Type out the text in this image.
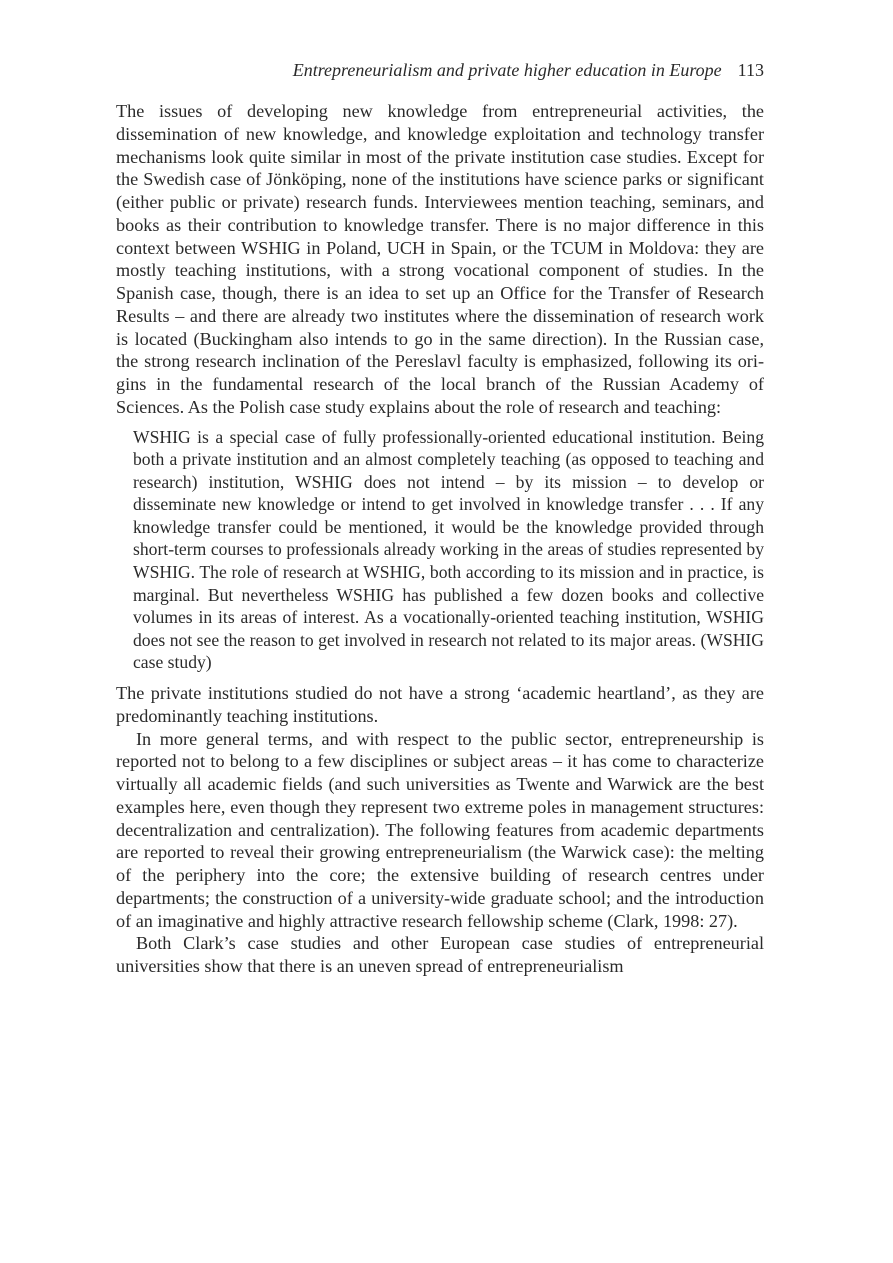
Entrepreneurialism and private higher education in Europe 113

The issues of developing new knowledge from entrepreneurial activities, the dissemination of new knowledge, and knowledge exploitation and technology transfer mechanisms look quite similar in most of the private institution case studies. Except for the Swedish case of Jönköping, none of the institutions have science parks or significant (either public or private) research funds. Interviewees mention teaching, seminars, and books as their contribution to knowledge transfer. There is no major difference in this context between WSHIG in Poland, UCH in Spain, or the TCUM in Moldova: they are mostly teaching institutions, with a strong vocational component of studies. In the Spanish case, though, there is an idea to set up an Office for the Transfer of Research Results – and there are already two institutes where the dissemination of research work is located (Buckingham also intends to go in the same direction). In the Russian case, the strong research inclination of the Pereslavl faculty is emphasized, following its origins in the fundamental research of the local branch of the Russian Academy of Sciences. As the Polish case study explains about the role of research and teaching:

WSHIG is a special case of fully professionally-oriented educational institution. Being both a private institution and an almost completely teaching (as opposed to teaching and research) institution, WSHIG does not intend – by its mission – to develop or disseminate new knowledge or intend to get involved in knowledge transfer . . . If any knowledge transfer could be mentioned, it would be the knowledge provided through short-term courses to professionals already working in the areas of studies represented by WSHIG. The role of research at WSHIG, both according to its mission and in practice, is marginal. But nevertheless WSHIG has published a few dozen books and collective volumes in its areas of interest. As a vocationally-oriented teaching institution, WSHIG does not see the reason to get involved in research not related to its major areas. (WSHIG case study)

The private institutions studied do not have a strong ‘academic heartland’, as they are predominantly teaching institutions.

In more general terms, and with respect to the public sector, entrepreneurship is reported not to belong to a few disciplines or subject areas – it has come to characterize virtually all academic fields (and such universities as Twente and Warwick are the best examples here, even though they represent two extreme poles in management structures: decentralization and centralization). The following features from academic departments are reported to reveal their growing entrepreneurialism (the Warwick case): the melting of the periphery into the core; the extensive building of research centres under departments; the construction of a university-wide graduate school; and the introduction of an imaginative and highly attractive research fellowship scheme (Clark, 1998: 27).

Both Clark’s case studies and other European case studies of entrepreneurial universities show that there is an uneven spread of entrepreneurialism
